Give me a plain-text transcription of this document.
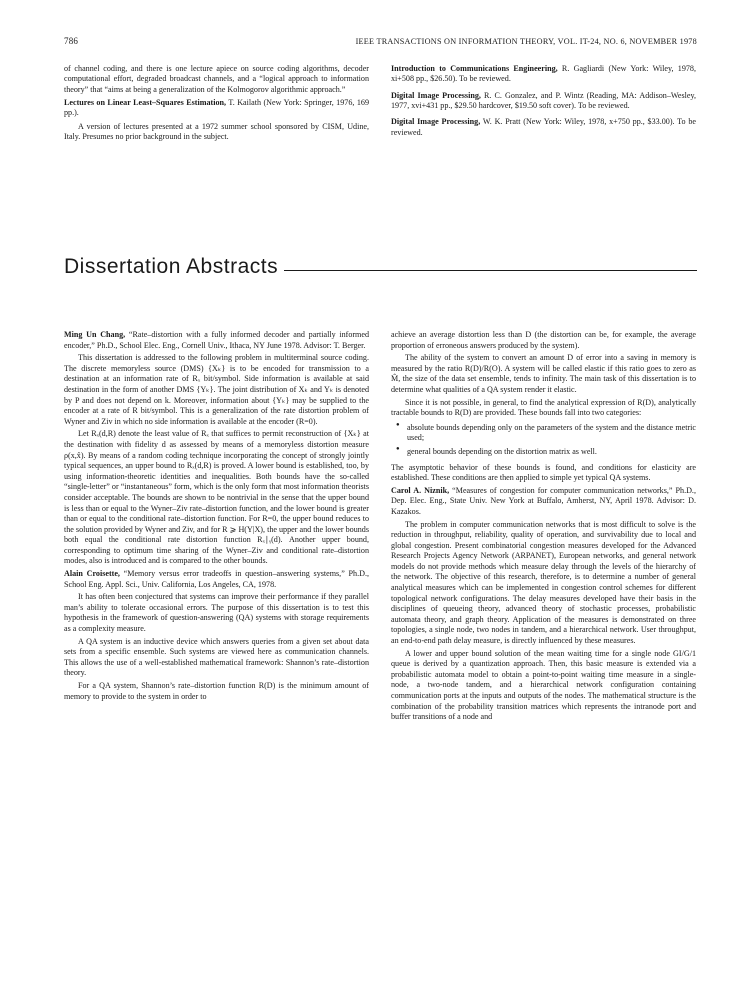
786	IEEE TRANSACTIONS ON INFORMATION THEORY, VOL. IT-24, NO. 6, NOVEMBER 1978

of channel coding, and there is one lecture apiece on source coding algorithms, decoder computational effort, degraded broadcast channels, and a “logical approach to information theory” that “aims at being a generalization of the Kolmogorov algorithmic approach.”

Lectures on Linear Least–Squares Estimation, T. Kailath (New York: Springer, 1976, 169 pp.).

A version of lectures presented at a 1972 summer school sponsored by CISM, Udine, Italy. Presumes no prior background in the subject.

Introduction to Communications Engineering, R. Gagliardi (New York: Wiley, 1978, xi+508 pp., $26.50). To be reviewed.

Digital Image Processing, R. C. Gonzalez, and P. Wintz (Reading, MA: Addison–Wesley, 1977, xvi+431 pp., $29.50 hardcover, $19.50 soft cover). To be reviewed.

Digital Image Processing, W. K. Pratt (New York: Wiley, 1978, x+750 pp., $33.00). To be reviewed.

Dissertation Abstracts

Ming Un Chang, “Rate–distortion with a fully informed decoder and partially informed encoder,” Ph.D., School Elec. Eng., Cornell Univ., Ithaca, NY June 1978. Advisor: T. Berger.

This dissertation is addressed to the following problem in multiterminal source coding. The discrete memoryless source (DMS) {Xₖ} is to be encoded for transmission to a destination at an information rate of Rₓ bit/symbol. Side information is available at said destination in the form of another DMS {Yₖ}. The joint distribution of Xₖ and Yₖ is denoted by P and does not depend on k. Moreover, information about {Yₖ} may be supplied to the encoder at a rate of R bit/symbol. This is a generalization of the rate distortion problem of Wyner and Ziv in which no side information is available at the encoder (R=0).

Let Rₓ(d,R) denote the least value of Rₓ that suffices to permit reconstruction of {Xₖ} at the destination with fidelity d as assessed by means of a memoryless distortion measure ρ(x,x̂). By means of a random coding technique incorporating the concept of strongly jointly typical sequences, an upper bound to Rₓ(d,R) is proved. A lower bound is established, too, by using information-theoretic identities and inequalities. Both bounds have the so-called “single-letter” or “instantaneous” form, which is the only form that most information theorists consider acceptable. The bounds are shown to be nontrivial in the sense that the upper bound is less than or equal to the Wyner–Ziv rate–distortion function, and the lower bound is greater than or equal to the conditional rate–distortion function. For R=0, the upper bound reduces to the solution provided by Wyner and Ziv, and for R ⩾ H(Y|X), the upper and the lower bounds both equal the conditional rate distortion function Rₓ∣ᵧ(d). Another upper bound, corresponding to optimum time sharing of the Wyner–Ziv and conditional rate–distortion modes, also is introduced and is compared to the other bounds.

Alain Croisette, “Memory versus error tradeoffs in question–answering systems,” Ph.D., School Eng. Appl. Sci., Univ. California, Los Angeles, CA, 1978.

It has often been conjectured that systems can improve their performance if they parallel man’s ability to tolerate occasional errors. The purpose of this dissertation is to test this hypothesis in the framework of question-answering (QA) systems with storage requirements as a complexity measure.

A QA system is an inductive device which answers queries from a given set about data sets from a specific ensemble. Such systems are viewed here as communication channels. This allows the use of a well-established mathematical framework: Shannon’s rate–distortion theory.

For a QA system, Shannon’s rate–distortion function R(D) is the minimum amount of memory to provide to the system in order to

achieve an average distortion less than D (the distortion can be, for example, the average proportion of erroneous answers produced by the system).

The ability of the system to convert an amount D of error into a saving in memory is measured by the ratio R(D)/R(O). A system will be called elastic if this ratio goes to zero as M̂, the size of the data set ensemble, tends to infinity. The main task of this dissertation is to determine what qualities of a QA system render it elastic.

Since it is not possible, in general, to find the analytical expression of R(D), analytically tractable bounds to R(D) are provided. These bounds fall into two categories:

● absolute bounds depending only on the parameters of the system and the distance metric used;
● general bounds depending on the distortion matrix as well.

The asymptotic behavior of these bounds is found, and conditions for elasticity are established. These conditions are then applied to simple yet typical QA systems.

Carol A. Niznik, “Measures of congestion for computer communication networks,” Ph.D., Dep. Elec. Eng., State Univ. New York at Buffalo, Amherst, NY, April 1978. Advisor: D. Kazakos.

The problem in computer communication networks that is most difficult to solve is the reduction in throughput, reliability, quality of operation, and survivability due to local and global congestion. Present combinatorial congestion measures developed for the Advanced Research Projects Agency Network (ARPANET), European networks, and general network models do not provide methods which measure delay through the levels of the hierarchy of the network. The objective of this research, therefore, is to determine a number of general analytical measures which can be implemented in congestion control schemes for different topological network configurations. The delay measures developed have their basis in the disciplines of queueing theory, advanced theory of stochastic processes, probabilistic automata theory, and graph theory. Application of the measures is demonstrated on three topologies, a single node, two nodes in tandem, and a hierarchical network. User throughput, an end-to-end path delay measure, is directly influenced by these measures.

A lower and upper bound solution of the mean waiting time for a single node GI/G/1 queue is derived by a quantization approach. Then, this basic measure is extended via a probabilistic automata model to obtain a point-to-point waiting time measure in a single-node, a two-node tandem, and a hierarchical network configuration containing communication ports at the inputs and outputs of the nodes. The mathematical structure is the combination of the probability transition matrices which represents the intranode port and buffer transitions of a node and
